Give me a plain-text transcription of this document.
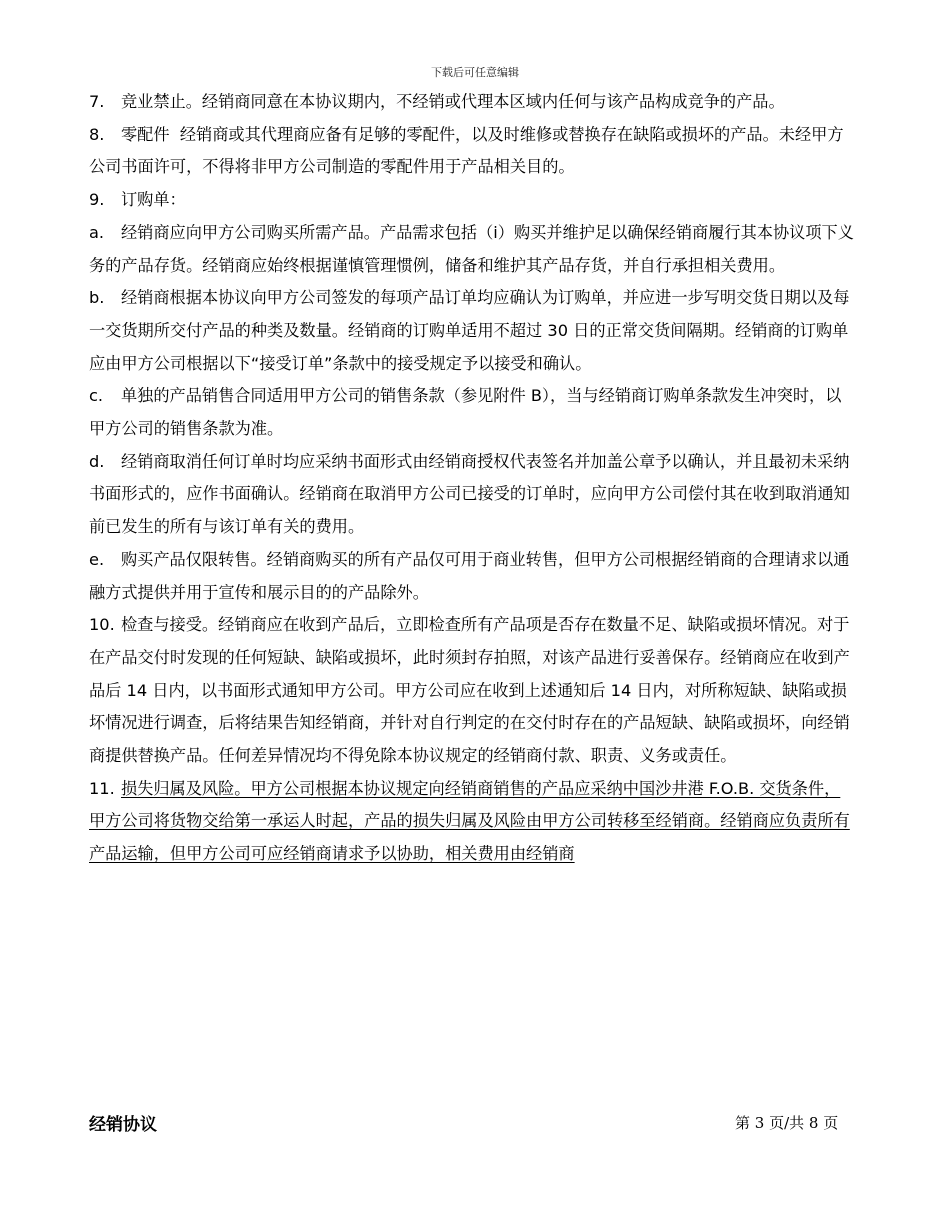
下载后可任意编辑

7. 竞业禁止。经销商同意在本协议期内，不经销或代理本区域内任何与该产品构成竞争的产品。

8. 零配件  经销商或其代理商应备有足够的零配件，以及时维修或替换存在缺陷或损坏的产品。未经甲方公司书面许可，不得将非甲方公司制造的零配件用于产品相关目的。

9. 订购单：

a. 经销商应向甲方公司购买所需产品。产品需求包括（i）购买并维护足以确保经销商履行其本协议项下义务的产品存货。经销商应始终根据谨慎管理惯例，储备和维护其产品存货，并自行承担相关费用。

b. 经销商根据本协议向甲方公司签发的每项产品订单均应确认为订购单，并应进一步写明交货日期以及每一交货期所交付产品的种类及数量。经销商的订购单适用不超过 30 日的正常交货间隔期。经销商的订购单应由甲方公司根据以下“接受订单”条款中的接受规定予以接受和确认。

c. 单独的产品销售合同适用甲方公司的销售条款（参见附件 B），当与经销商订购单条款发生冲突时，以甲方公司的销售条款为准。

d. 经销商取消任何订单时均应采纳书面形式由经销商授权代表签名并加盖公章予以确认，并且最初未采纳书面形式的，应作书面确认。经销商在取消甲方公司已接受的订单时，应向甲方公司偿付其在收到取消通知前已发生的所有与该订单有关的费用。

e. 购买产品仅限转售。经销商购买的所有产品仅可用于商业转售，但甲方公司根据经销商的合理请求以通融方式提供并用于宣传和展示目的的产品除外。

10. 检查与接受。经销商应在收到产品后，立即检查所有产品项是否存在数量不足、缺陷或损坏情况。对于在产品交付时发现的任何短缺、缺陷或损坏，此时须封存拍照，对该产品进行妥善保存。经销商应在收到产品后 14 日内，以书面形式通知甲方公司。甲方公司应在收到上述通知后 14 日内，对所称短缺、缺陷或损坏情况进行调查，后将结果告知经销商，并针对自行判定的在交付时存在的产品短缺、缺陷或损坏，向经销商提供替换产品。任何差异情况均不得免除本协议规定的经销商付款、职责、义务或责任。

11. 损失归属及风险。甲方公司根据本协议规定向经销商销售的产品应采纳中国沙井港 F.O.B. 交货条件，甲方公司将货物交给第一承运人时起，产品的损失归属及风险由甲方公司转移至经销商。经销商应负责所有产品运输，但甲方公司可应经销商请求予以协助，相关费用由经销商

经销协议	第 3 页/共 8 页
